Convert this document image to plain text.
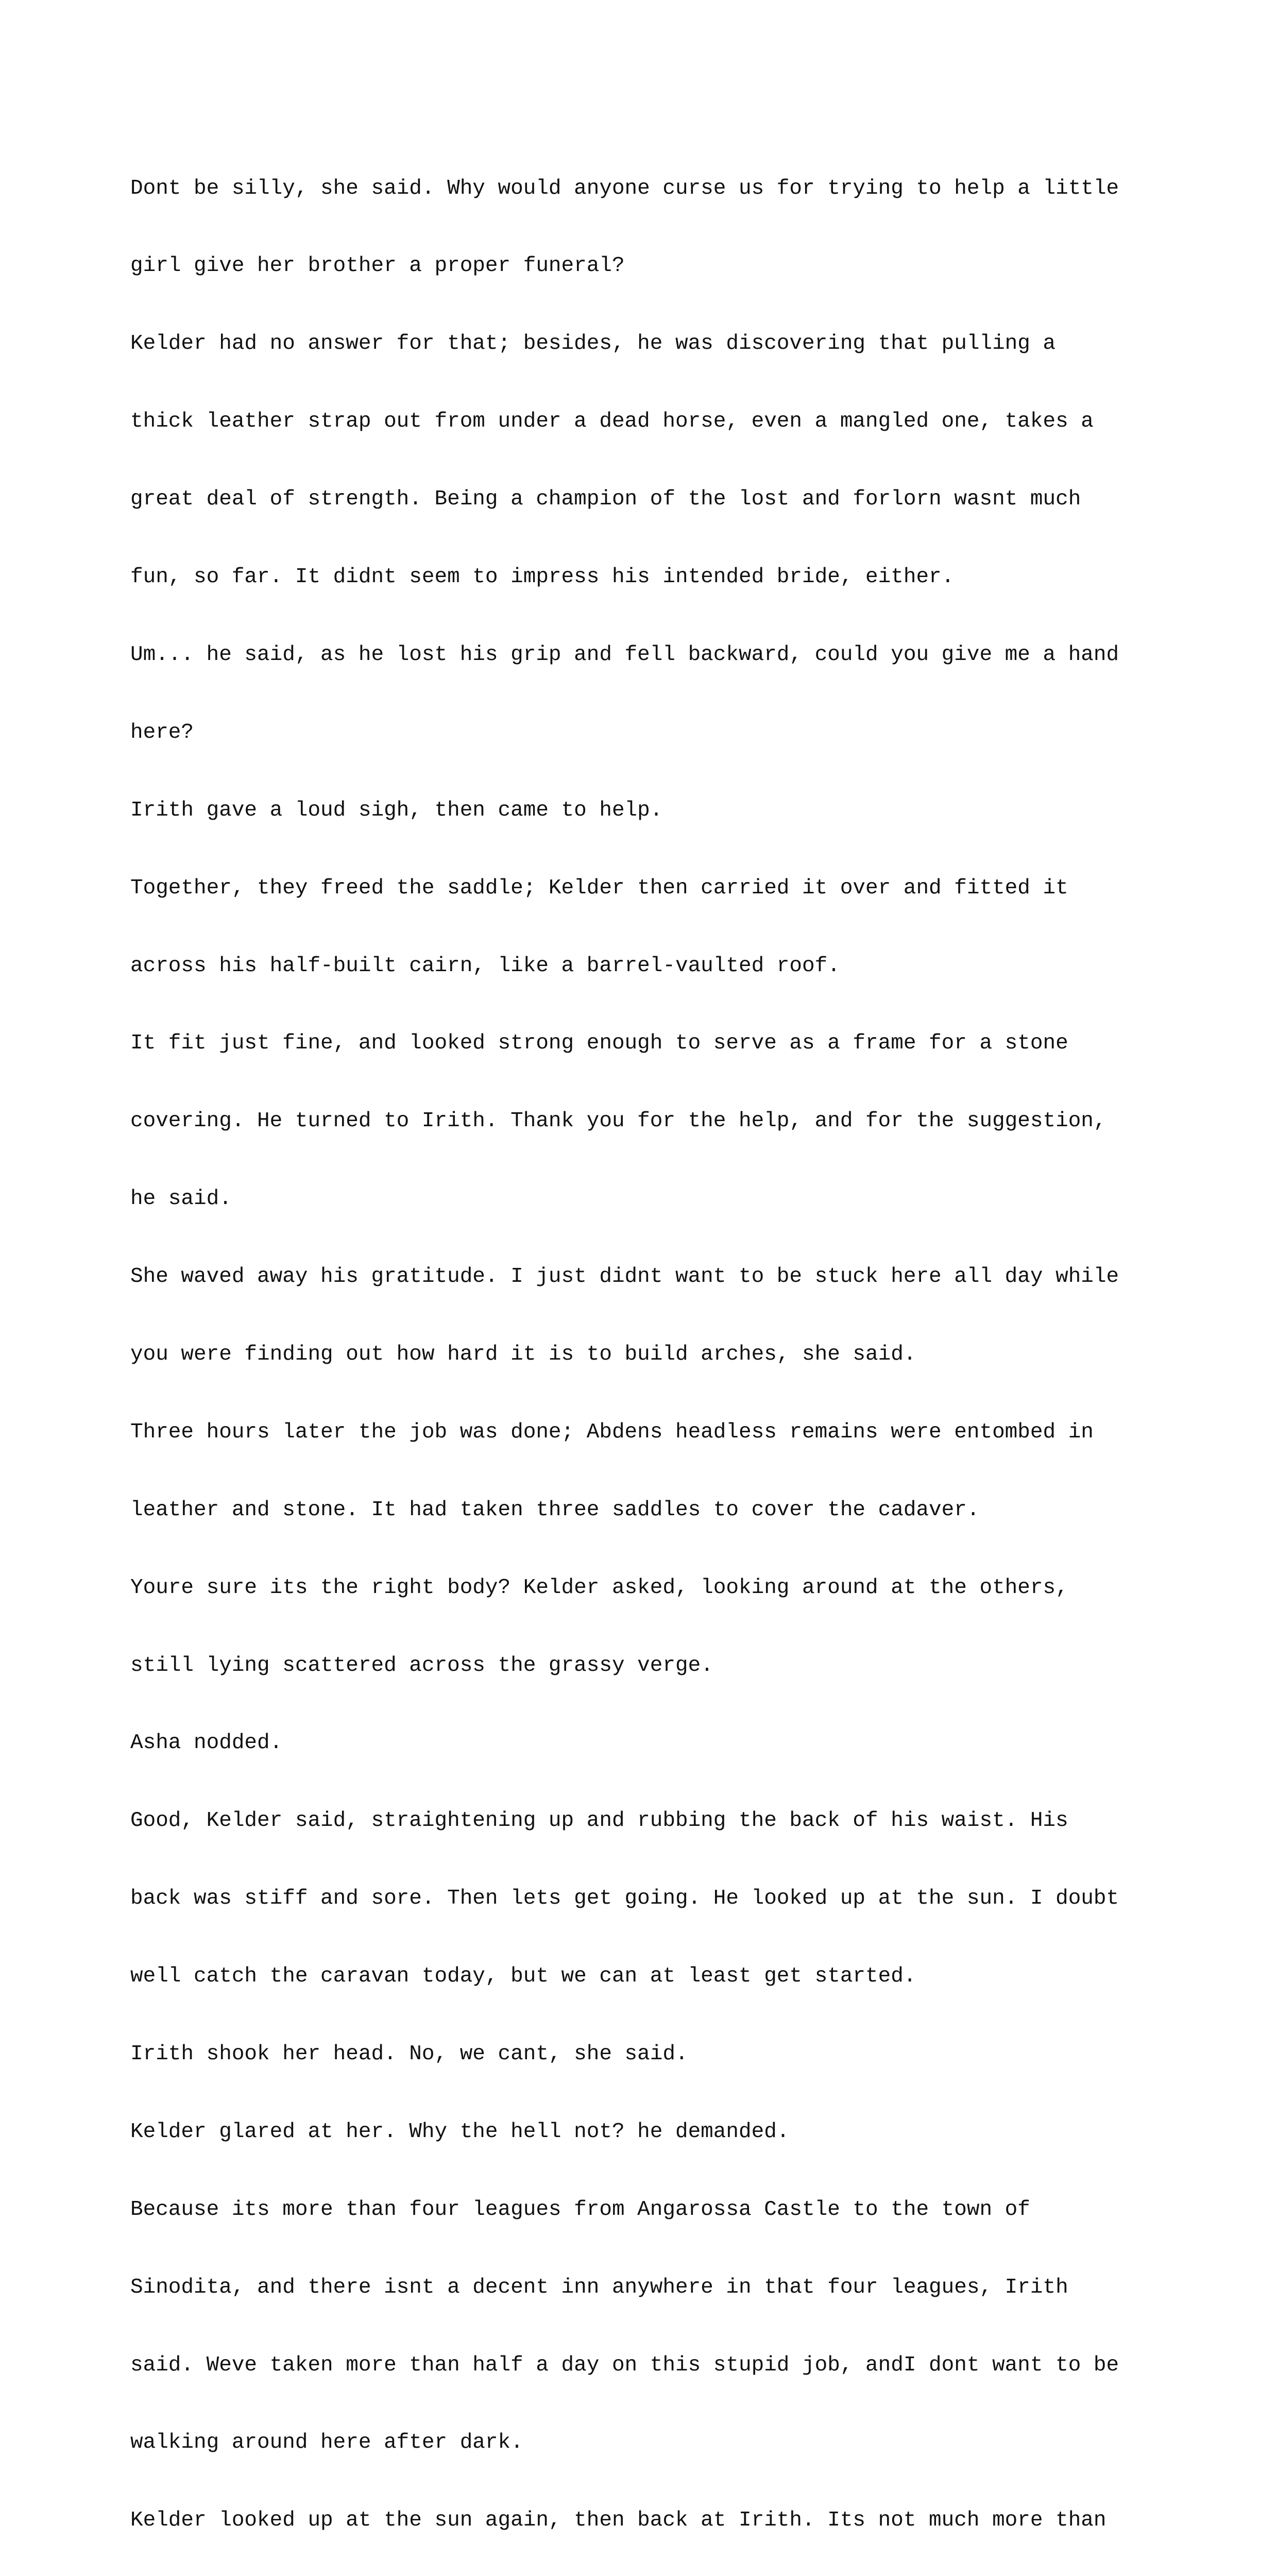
Dont be silly, she said. Why would anyone curse us for trying to help a little

girl give her brother a proper funeral?

Kelder had no answer for that; besides, he was discovering that pulling a

thick leather strap out from under a dead horse, even a mangled one, takes a

great deal of strength. Being a champion of the lost and forlorn wasnt much

fun, so far. It didnt seem to impress his intended bride, either.

Um... he said, as he lost his grip and fell backward, could you give me a hand

here?

Irith gave a loud sigh, then came to help.

Together, they freed the saddle; Kelder then carried it over and fitted it

across his half-built cairn, like a barrel-vaulted roof.

It fit just fine, and looked strong enough to serve as a frame for a stone

covering. He turned to Irith. Thank you for the help, and for the suggestion,

he said.

She waved away his gratitude. I just didnt want to be stuck here all day while

you were finding out how hard it is to build arches, she said.

Three hours later the job was done; Abdens headless remains were entombed in

leather and stone. It had taken three saddles to cover the cadaver.

Youre sure its the right body? Kelder asked, looking around at the others,

still lying scattered across the grassy verge.

Asha nodded.

Good, Kelder said, straightening up and rubbing the back of his waist. His

back was stiff and sore. Then lets get going. He looked up at the sun. I doubt

well catch the caravan today, but we can at least get started.

Irith shook her head. No, we cant, she said.

Kelder glared at her. Why the hell not? he demanded.

Because its more than four leagues from Angarossa Castle to the town of

Sinodita, and there isnt a decent inn anywhere in that four leagues, Irith

said. Weve taken more than half a day on this stupid job, andI dont want to be

walking around here after dark.

Kelder looked up at the sun again, then back at Irith. Its not much more than
